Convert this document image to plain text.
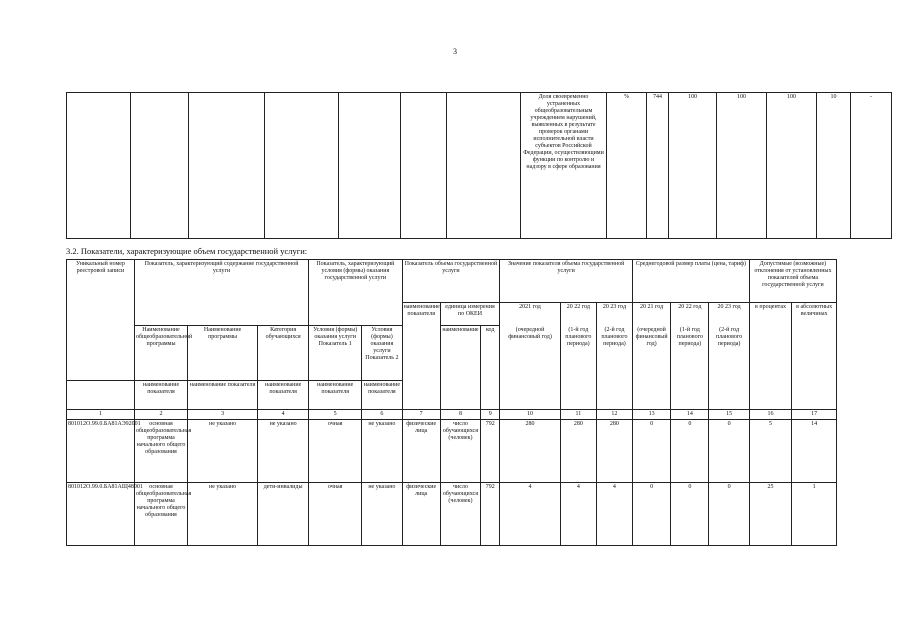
3
							Доля своевременно устраненных общеобразовательным учреждением нарушений, выявленных в результате проверок органами исполнительной власти субъектов Российской Федерации, осуществляющими функции по контролю и надзору в сфере образования	%	744	100	100	100	10	-
3.2. Показатели, характеризующие объем государственной услуги:
Уникальный номер реестровой записи	Показатель, характеризующий содержание государственной услуги			Показатель, характеризующий условия (формы) оказания государственной услуги		Показатель объема государственной услуги			Значение показателя объема государственной услуги			Среднегодовой размер платы (цена, тариф)			Допустимые (возможные) отклонения от установленных показателей объема государственной услуги	
						наименование показателя	единица измерения по ОКЕИ		2021 год	20 22 год	20 23 год	20 21 год	20 22 год	20 23 год	в процентах	в абсолютных величинах
	Наименование общеобразовательной программы	Наименование программы	Категория обучающихся	Условия (формы) оказания услуги Показатель 1	Условия (формы) оказания услуги Показатель 2		наименование	код	(очередной финансовый год)	(1-й год планового периода)	(2-й год планового периода)	(очередной финансовый год)	(1-й год планового периода)	(2-й год планового периода)		
	наименование показателя	наименование показателя	наименование показателя	наименование показателя	наименование показателя											
1	2	3	4	5	6	7	8	9	10	11	12	13	14	15	16	17
801012О.99.0.БА81АЭ92001	основная общеобразовательная программа начального общего образования	не указано	не указано	очная	не указано	физические лица	число обучающихся (человек)	792	280	280	280	0	0	0	5	14
801012О.99.0.БА81АЩ48001	основная общеобразовательная программа начального общего образования	не указано	дети-инвалиды	очная	не указано	физические лица	число обучающихся (человек)	792	4	4	4	0	0	0	25	1
